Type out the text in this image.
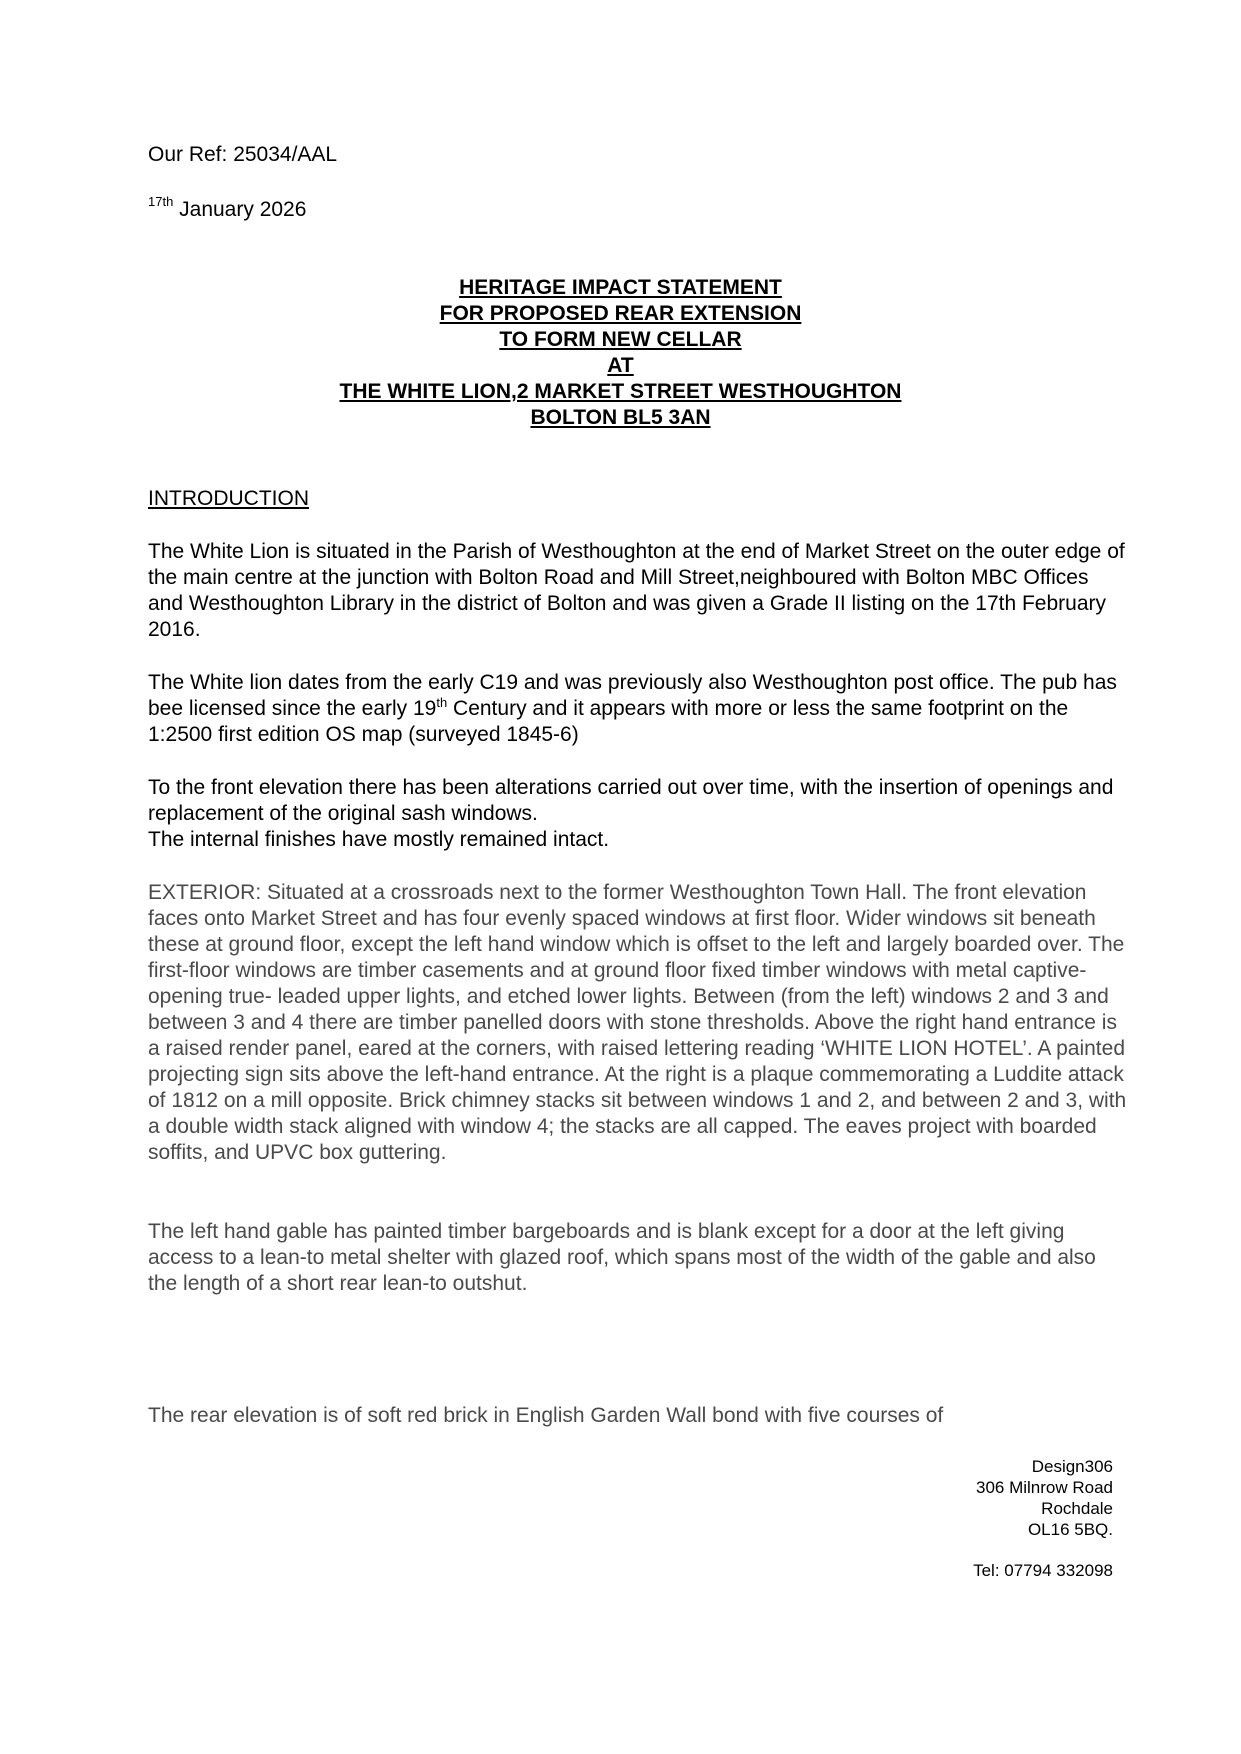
Our Ref: 25034/AAL
$^{17th}$ January 2026
HERITAGE IMPACT STATEMENT
FOR PROPOSED REAR EXTENSION
TO FORM NEW CELLAR
AT
THE WHITE LION,2 MARKET STREET WESTHOUGHTON
BOLTON BL5 3AN
INTRODUCTION

The White Lion is situated in the Parish of Westhoughton at the end of Market Street on the outer edge of the main centre at the junction with Bolton Road and Mill Street,neighboured with Bolton MBC Offices and Westhoughton Library in the district of Bolton and was given a Grade II listing on the 17th February 2016.

The White lion dates from the early C19 and was previously also Westhoughton post office. The pub has bee licensed since the early 19th Century and it appears with more or less the same footprint on the 1:2500 first edition OS map (surveyed 1845-6)

To the front elevation there has been alterations carried out over time, with the insertion of openings and replacement of the original sash windows.
The internal finishes have mostly remained intact.

EXTERIOR: Situated at a crossroads next to the former Westhoughton Town Hall. The front elevation faces onto Market Street and has four evenly spaced windows at first floor. Wider windows sit beneath these at ground floor, except the left hand window which is offset to the left and largely boarded over. The first-floor windows are timber casements and at ground floor fixed timber windows with metal captive-opening true- leaded upper lights, and etched lower lights. Between (from the left) windows 2 and 3 and between 3 and 4 there are timber panelled doors with stone thresholds. Above the right hand entrance is a raised render panel, eared at the corners, with raised lettering reading ‘WHITE LION HOTEL’. A painted projecting sign sits above the left-hand entrance. At the right is a plaque commemorating a Luddite attack of 1812 on a mill opposite. Brick chimney stacks sit between windows 1 and 2, and between 2 and 3, with a double width stack aligned with window 4; the stacks are all capped. The eaves project with boarded soffits, and UPVC box guttering.

The left hand gable has painted timber bargeboards and is blank except for a door at the left giving access to a lean-to metal shelter with glazed roof, which spans most of the width of the gable and also the length of a short rear lean-to outshut.

The rear elevation is of soft red brick in English Garden Wall bond with five courses of

Design306
306 Milnrow Road
Rochdale
OL16 5BQ.
Tel: 07794 332098
